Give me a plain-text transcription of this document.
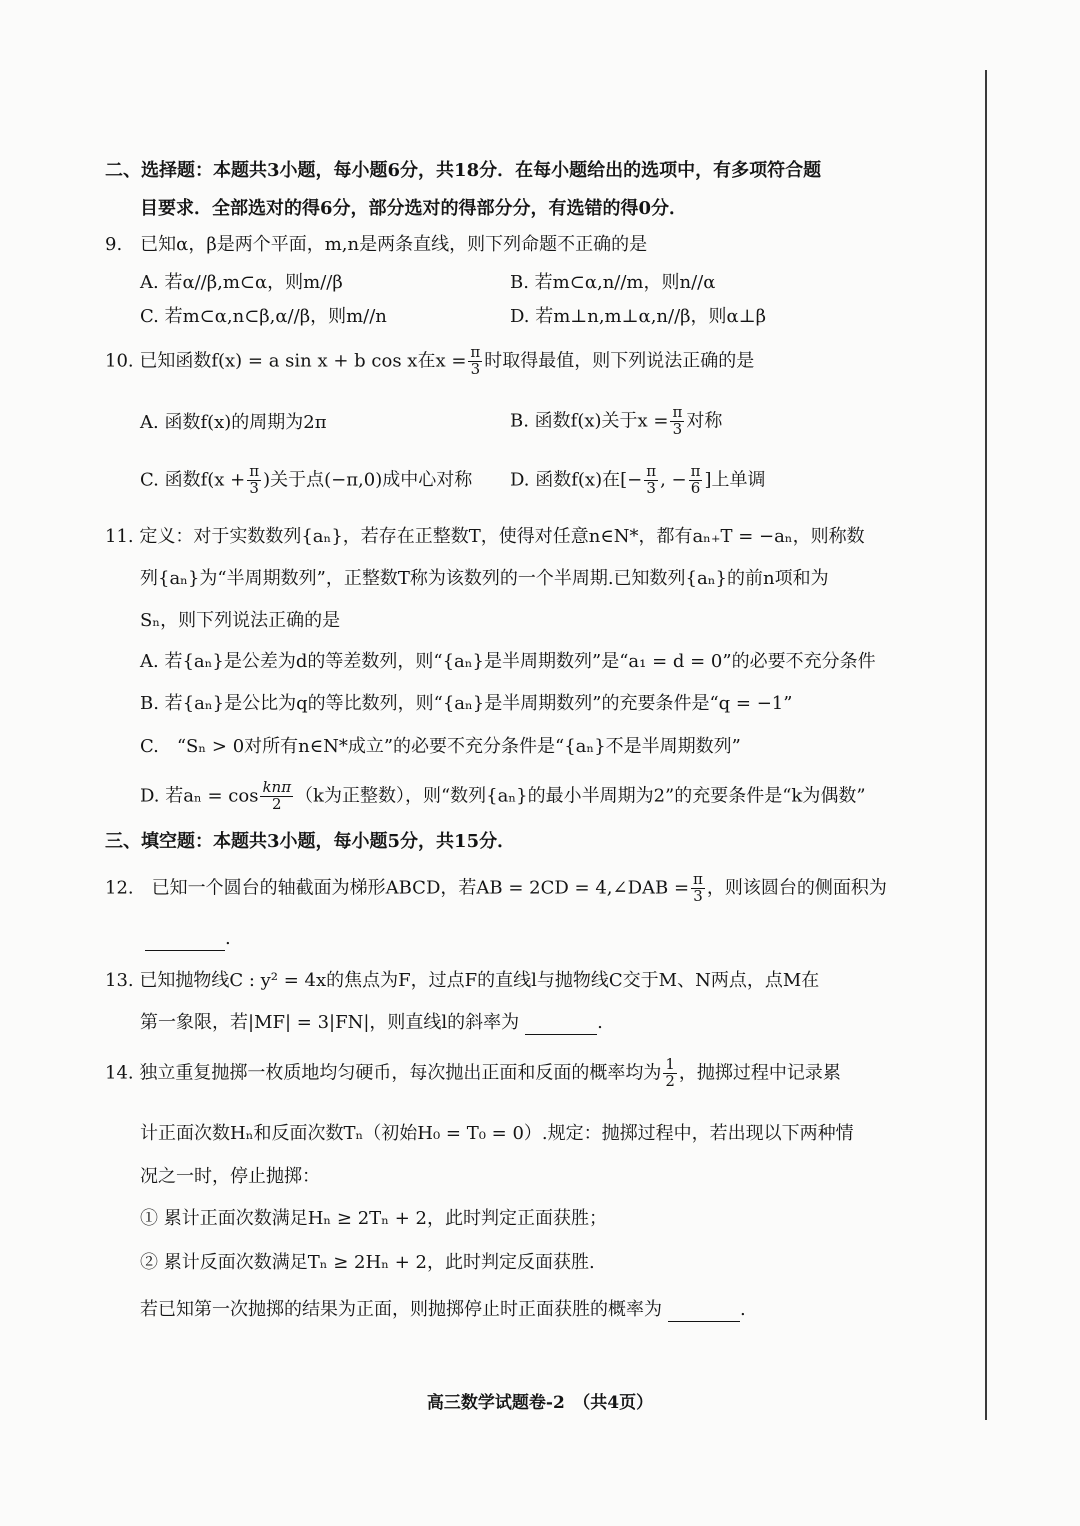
二、选择题：本题共3小题，每小题6分，共18分．在每小题给出的选项中，有多项符合题
目要求．全部选对的得6分，部分选对的得部分分，有选错的得0分．
9.　已知α，β是两个平面，m,n是两条直线，则下列命题不正确的是
A. 若α//β,m⊂α，则m//β	B. 若m⊂α,n//m，则n//α
C. 若m⊂α,n⊂β,α//β，则m//n	D. 若m⊥n,m⊥α,n//β，则α⊥β
10. 已知函数f(x) = a sin x + b cos x在$x = \frac{\pi}{3}$ 时取得最值，则下列说法正确的是
A. 函数f(x)的周期为2π	B. 函数f(x)关于$x = \frac{\pi}{3}$ 对称
C. 函数$f(x + \frac{\pi}{3}$ )关于点(−π,0)成中心对称 D. 函数f(x)在[− $\frac{\pi}{3}$ , − $\frac{\pi}{6}$ ]上单调
11. 定义：对于实数数列{aₙ}，若存在正整数T，使得对任意n∈N*，都有aₙ₊T = −aₙ，则称数
列{aₙ}为“半周期数列”，正整数T称为该数列的一个半周期.已知数列{aₙ}的前n项和为
Sₙ，则下列说法正确的是
A. 若{aₙ}是公差为d的等差数列，则“{aₙ}是半周期数列”是“a₁ = d = 0”的必要不充分条件
B. 若{aₙ}是公比为q的等比数列，则“{aₙ}是半周期数列”的充要条件是“q = −1”
C.　“Sₙ > 0对所有n∈N*成立”的必要不充分条件是“{aₙ}不是半周期数列”
D. 若$a_n = \cos \frac{\text{knπ}}{2} (k$为正整数），则“数列{aₙ}的最小半周期为2”的充要条件是“k为偶数”
三、填空题：本题共3小题，每小题5分，共15分．
12.　已知一个圆台的轴截面为梯形ABCD，若AB = 2CD = 4,∠DAB = $\frac{\pi}{3}$ ，则该圆台的侧面积为
.
13. 已知抛物线C : y² = 4x的焦点为F，过点F的直线l与抛物线C交于M、N两点，点M在
第一象限，若|MF| = 3|FN|，则直线l的斜率为	.
14. 独立重复抛掷一枚质地均匀硬币，每次抛出正面和反面的概率均为 $\frac{1}{2}$ ，抛掷过程中记录累
计正面次数Hₙ和反面次数Tₙ（初始H₀ = T₀ = 0）.规定：抛掷过程中，若出现以下两种情
况之一时，停止抛掷：
① 累计正面次数满足Hₙ ≥ 2Tₙ + 2，此时判定正面获胜；
② 累计反面次数满足Tₙ ≥ 2Hₙ + 2，此时判定反面获胜.
若已知第一次抛掷的结果为正面，则抛掷停止时正面获胜的概率为	.
高三数学试题卷-2　（共4页）
